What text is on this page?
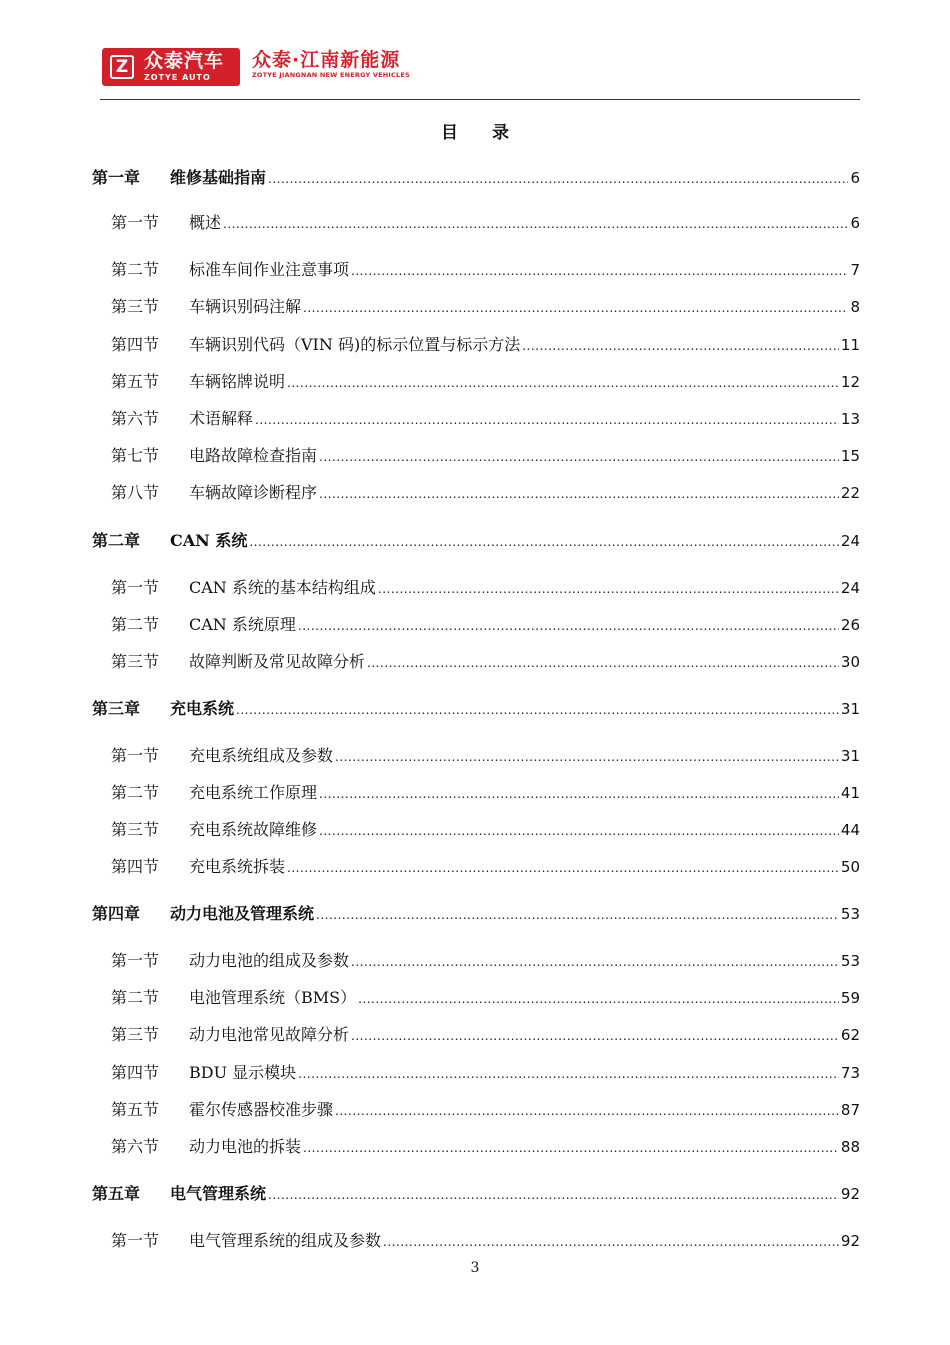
Z 众泰汽车
ZOTYE AUTO
众泰·江南新能源
ZOTYE JIANGNAN NEW ENERGY VEHICLES
目录
第一章	维修基础指南 .....	6
第一节	概述 .....	6
第二节	标准车间作业注意事项 .....	7
第三节	车辆识别码注解 .....	8
第四节	车辆识别代码（VIN 码)的标示位置与标示方法 .....	11
第五节	车辆铭牌说明 .....	12
第六节	术语解释 .....	13
第七节	电路故障检查指南 .....	15
第八节	车辆故障诊断程序 .....	22
第二章	CAN 系统 .....	24
第一节	CAN 系统的基本结构组成 .....	24
第二节	CAN 系统原理 .....	26
第三节	故障判断及常见故障分析 .....	30
第三章	充电系统 .....	31
第一节	充电系统组成及参数 .....	31
第二节	充电系统工作原理 .....	41
第三节	充电系统故障维修 .....	44
第四节	充电系统拆装 .....	50
第四章	动力电池及管理系统 .....	53
第一节	动力电池的组成及参数 .....	53
第二节	电池管理系统（BMS） .....	59
第三节	动力电池常见故障分析 .....	62
第四节	BDU 显示模块 .....	73
第五节	霍尔传感器校准步骤 .....	87
第六节	动力电池的拆装 .....	88
第五章	电气管理系统 .....	92
第一节	电气管理系统的组成及参数 .....	92
3
